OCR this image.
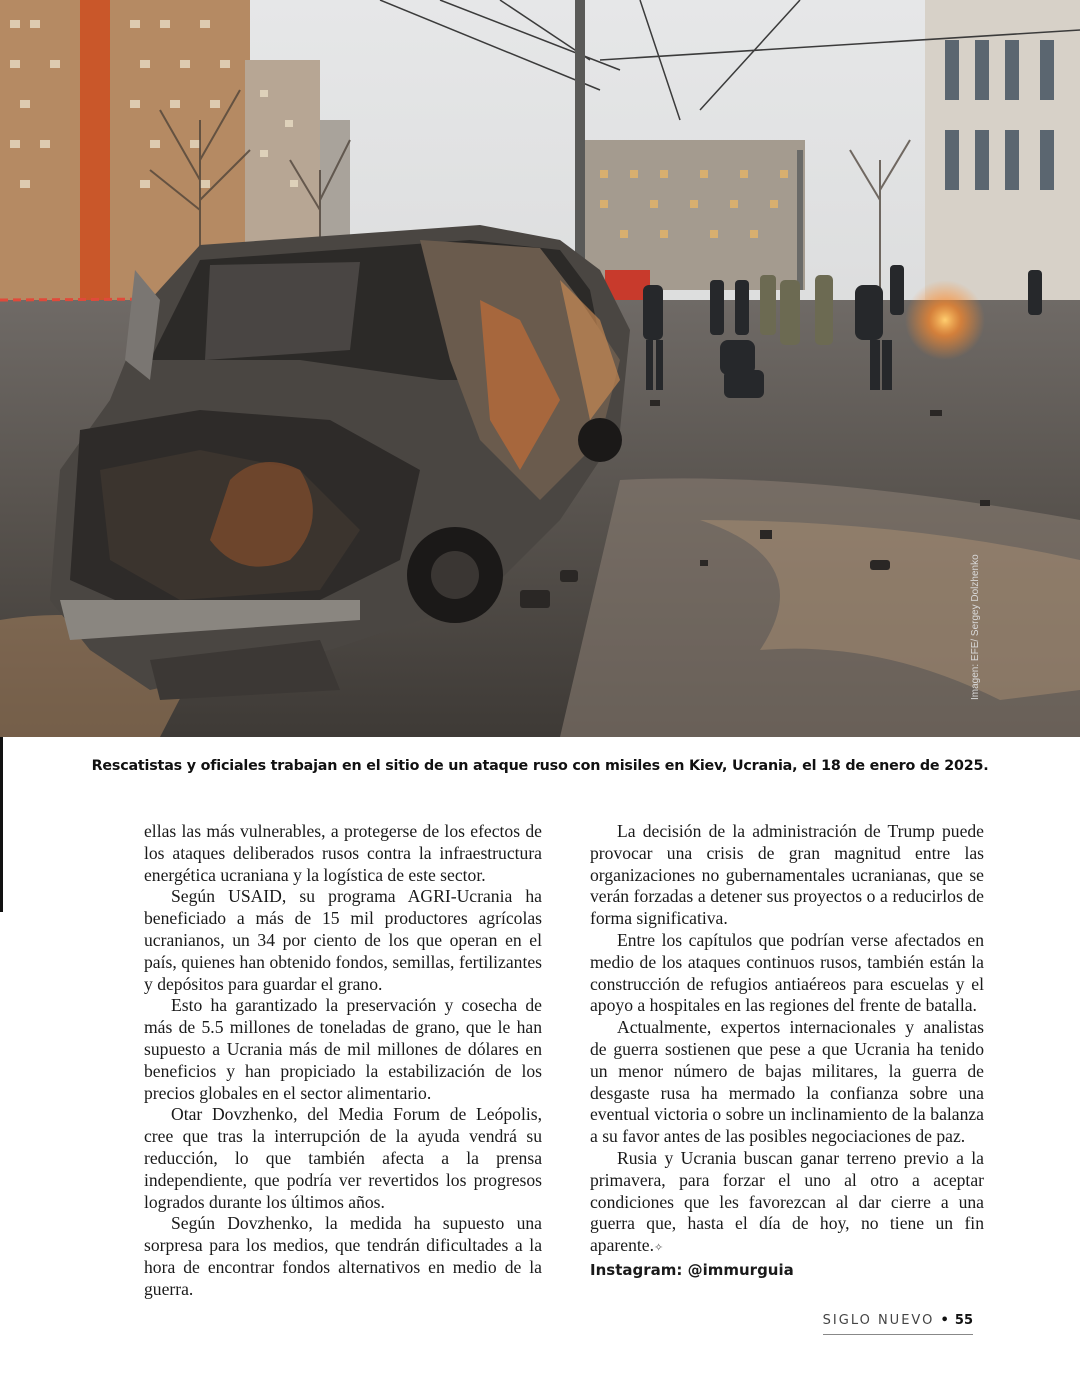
Imagen: EFE/ Sergey Dolzhenko
Rescatistas y oficiales trabajan en el sitio de un ataque ruso con misiles en Kiev, Ucrania, el 18 de enero de 2025.

ellas las más vulnerables, a protegerse de los efectos de los ataques deliberados rusos contra la infraestructura energética ucraniana y la logística de este sector.

Según USAID, su programa AGRI-Ucrania ha beneficiado a más de 15 mil productores agrícolas ucranianos, un 34 por ciento de los que operan en el país, quienes han obtenido fondos, semillas, fertilizantes y depósitos para guardar el grano.

Esto ha garantizado la preservación y cosecha de más de 5.5 millones de toneladas de grano, que le han supuesto a Ucrania más de mil millones de dólares en beneficios y han propiciado la estabilización de los precios globales en el sector alimentario.

Otar Dovzhenko, del Media Forum de Leópolis, cree que tras la interrupción de la ayuda vendrá su reducción, lo que también afecta a la prensa independiente, que podría ver revertidos los progresos logrados durante los últimos años.

Según Dovzhenko, la medida ha supuesto una sorpresa para los medios, que tendrán dificultades a la hora de encontrar fondos alternativos en medio de la guerra.

La decisión de la administración de Trump puede provocar una crisis de gran magnitud entre las organizaciones no gubernamentales ucranianas, que se verán forzadas a detener sus proyectos o a reducirlos de forma significativa.

Entre los capítulos que podrían verse afectados en medio de los ataques continuos rusos, también están la construcción de refugios antiaéreos para escuelas y el apoyo a hospitales en las regiones del frente de batalla.

Actualmente, expertos internacionales y analistas de guerra sostienen que pese a que Ucrania ha tenido un menor número de bajas militares, la guerra de desgaste rusa ha mermado la confianza sobre una eventual victoria o sobre un inclinamiento de la balanza a su favor antes de las posibles negociaciones de paz.

Rusia y Ucrania buscan ganar terreno previo a la primavera, para forzar el uno al otro a aceptar condiciones que les favorezcan al dar cierre a una guerra que, hasta el día de hoy, no tiene un fin aparente.✧

Instagram: @immurguia

SIGLO NUEVO • 55
